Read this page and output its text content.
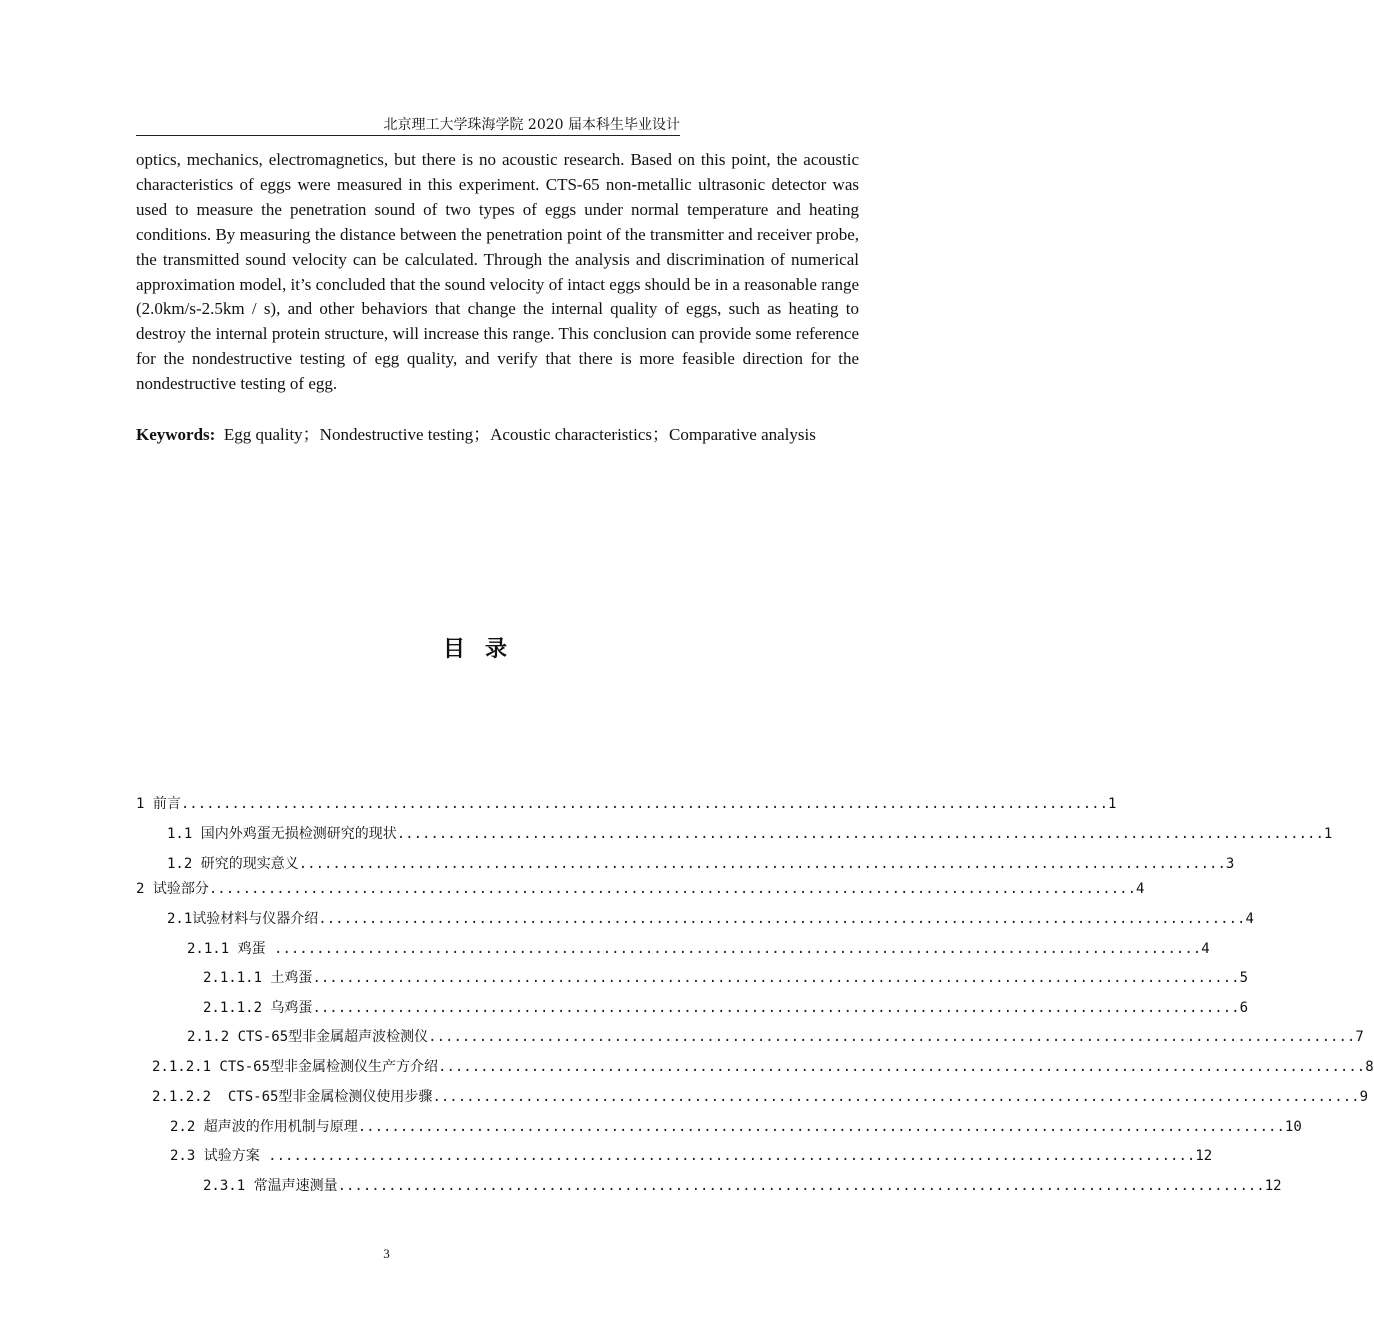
北京理工大学珠海学院 2020 届本科生毕业设计

optics, mechanics, electromagnetics, but there is no acoustic research. Based on this point, the acoustic characteristics of eggs were measured in this experiment. CTS-65 non-metallic ultrasonic detector was used to measure the penetration sound of two types of eggs under normal temperature and heating conditions. By measuring the distance between the penetration point of the transmitter and receiver probe, the transmitted sound velocity can be calculated. Through the analysis and discrimination of numerical approximation model, it’s concluded that the sound velocity of intact eggs should be in a reasonable range (2.0km/s-2.5km / s), and other behaviors that change the internal quality of eggs, such as heating to destroy the internal protein structure, will increase this range. This conclusion can provide some reference for the nondestructive testing of egg quality, and verify that there is more feasible direction for the nondestructive testing of egg.

Keywords:  Egg quality；Nondestructive testing；Acoustic characteristics；Comparative analysis
目录
1 前言 .............................................................................................................. 1
1.1 国内外鸡蛋无损检测研究的现状 .............................................................................................................. 1
1.2 研究的现实意义 .............................................................................................................. 3
2 试验部分 .............................................................................................................. 4
2.1试验材料与仪器介绍 .............................................................................................................. 4
2.1.1 鸡蛋 .............................................................................................................. 4
2.1.1.1 土鸡蛋 .............................................................................................................. 5
2.1.1.2 乌鸡蛋 .............................................................................................................. 6
2.1.2 CTS-65型非金属超声波检测仪 .............................................................................................................. 7
2.1.2.1 CTS-65型非金属检测仪生产方介绍 .............................................................................................................. 8
2.1.2.2  CTS-65型非金属检测仪使用步骤 .............................................................................................................. 9
2.2 超声波的作用机制与原理 .............................................................................................................. 10
2.3 试验方案 .............................................................................................................. 12
2.3.1 常温声速测量 .............................................................................................................. 12
3
